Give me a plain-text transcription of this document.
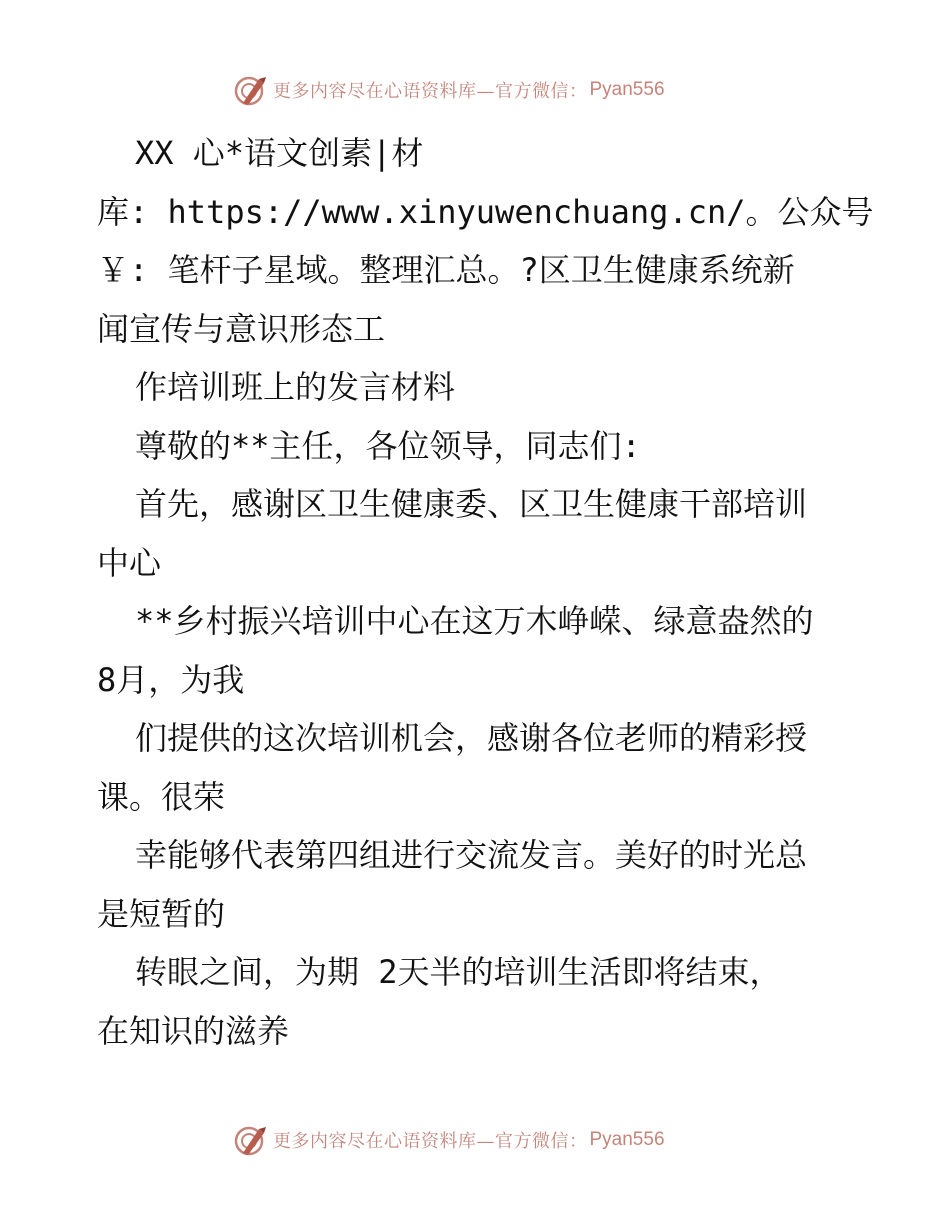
更多内容尽在心语资料库—官方微信： Pyan556
XX 心*语文创素|材
库: https://www.xinyuwenchuang.cn/。公众号
￥: 笔杆子星域。整理汇总。?区卫生健康系统新
闻宣传与意识形态工
作培训班上的发言材料
尊敬的**主任，各位领导，同志们:
首先，感谢区卫生健康委、区卫生健康干部培训
中心
**乡村振兴培训中心在这万木峥嵘、绿意盎然的
8月，为我
们提供的这次培训机会，感谢各位老师的精彩授
课。很荣
幸能够代表第四组进行交流发言。美好的时光总
是短暂的
转眼之间，为期 2天半的培训生活即将结束，
在知识的滋养
更多内容尽在心语资料库—官方微信： Pyan556
